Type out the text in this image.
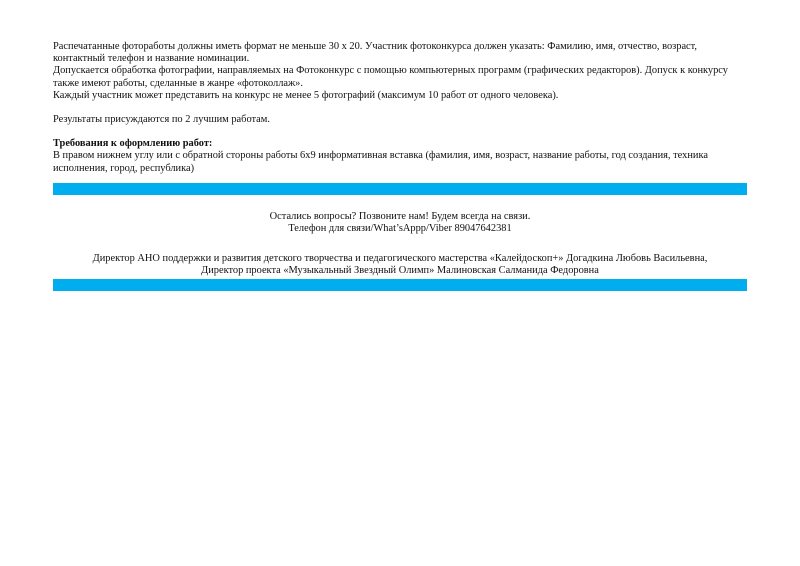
Распечатанные фотоработы должны иметь формат не меньше 30 х 20. Участник фотоконкурса должен указать: Фамилию, имя, отчество, возраст, контактный телефон и название номинации.

Допускается обработка фотографии, направляемых на Фотоконкурс с помощью компьютерных программ (графических редакторов). Допуск к конкурсу также имеют работы, сделанные в жанре «фотоколлаж».

Каждый участник может представить на конкурс не менее 5 фотографий (максимум 10 работ от одного человека).

Результаты присуждаются по 2 лучшим работам.

Требования к оформлению работ:

В правом нижнем углу или с обратной стороны работы 6х9 информативная вставка (фамилия, имя, возраст, название работы, год создания, техника исполнения, город, республика)

Остались вопросы? Позвоните нам! Будем всегда на связи.
Телефон для связи/What’sAppp/Viber 89047642381
Директор АНО поддержки и развития детского творчества и педагогического мастерства «Калейдоскоп+» Догадкина Любовь Васильевна,
Директор проекта «Музыкальный Звездный Олимп» Малиновская Салманида Федоровна
